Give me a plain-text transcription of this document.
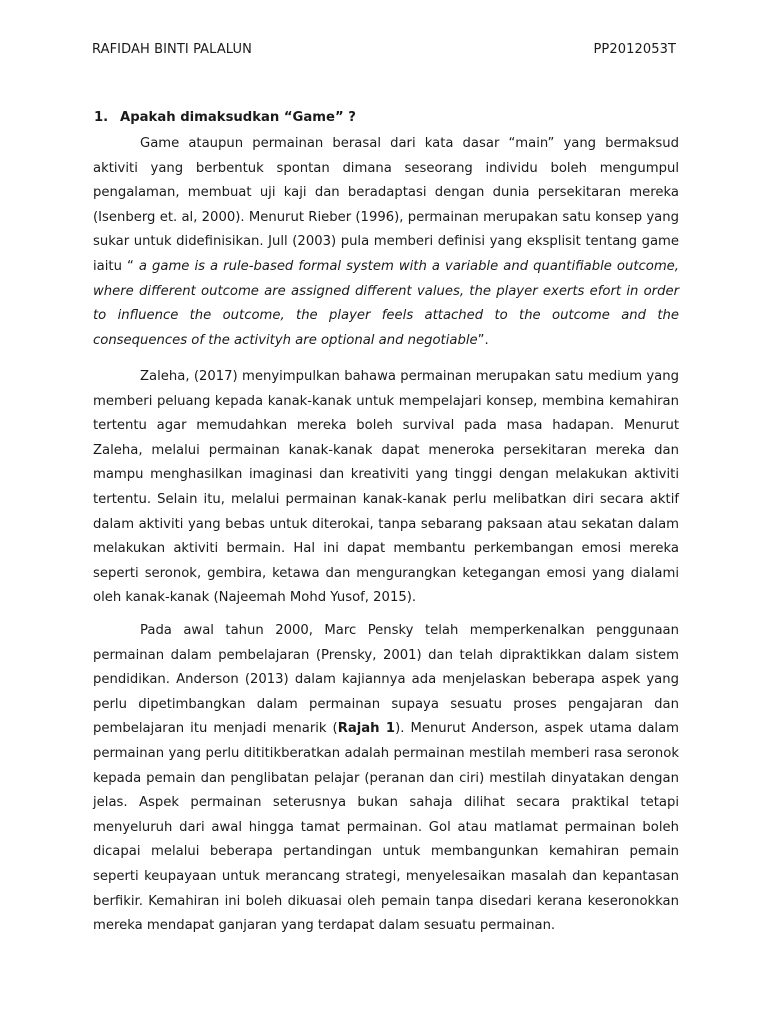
RAFIDAH BINTI PALALUN	PP2012053T
1. Apakah dimaksudkan “Game” ?

Game ataupun permainan berasal dari kata dasar “main” yang bermaksud aktiviti yang berbentuk spontan dimana seseorang individu boleh mengumpul pengalaman, membuat uji kaji dan beradaptasi dengan dunia persekitaran mereka (Isenberg et. al, 2000). Menurut Rieber (1996), permainan merupakan satu konsep yang sukar untuk didefinisikan. Jull (2003) pula memberi definisi yang eksplisit tentang game iaitu “ a game is a rule-based formal system with a variable and quantifiable outcome, where different outcome are assigned different values, the player exerts efort in order to influence the outcome, the player feels attached to the outcome and the consequences of the activityh are optional and negotiable”.

Zaleha, (2017) menyimpulkan bahawa permainan merupakan satu medium yang memberi peluang kepada kanak-kanak untuk mempelajari konsep, membina kemahiran tertentu agar memudahkan mereka boleh survival pada masa hadapan. Menurut Zaleha, melalui permainan kanak-kanak dapat meneroka persekitaran mereka dan mampu menghasilkan imaginasi dan kreativiti yang tinggi dengan melakukan aktiviti tertentu. Selain itu, melalui permainan kanak-kanak perlu melibatkan diri secara aktif dalam aktiviti yang bebas untuk diterokai, tanpa sebarang paksaan atau sekatan dalam melakukan aktiviti bermain. Hal ini dapat membantu perkembangan emosi mereka seperti seronok, gembira, ketawa dan mengurangkan ketegangan emosi yang dialami oleh kanak-kanak (Najeemah Mohd Yusof, 2015).

Pada awal tahun 2000, Marc Pensky telah memperkenalkan penggunaan permainan dalam pembelajaran (Prensky, 2001) dan telah dipraktikkan dalam sistem pendidikan. Anderson (2013) dalam kajiannya ada menjelaskan beberapa aspek yang perlu dipetimbangkan dalam permainan supaya sesuatu proses pengajaran dan pembelajaran itu menjadi menarik (Rajah 1). Menurut Anderson, aspek utama dalam permainan yang perlu dititikberatkan adalah permainan mestilah memberi rasa seronok kepada pemain dan penglibatan pelajar (peranan dan ciri) mestilah dinyatakan dengan jelas. Aspek permainan seterusnya bukan sahaja dilihat secara praktikal tetapi menyeluruh dari awal hingga tamat permainan. Gol atau matlamat permainan boleh dicapai melalui beberapa pertandingan untuk membangunkan kemahiran pemain seperti keupayaan untuk merancang strategi, menyelesaikan masalah dan kepantasan berfikir. Kemahiran ini boleh dikuasai oleh pemain tanpa disedari kerana keseronokkan mereka mendapat ganjaran yang terdapat dalam sesuatu permainan.
